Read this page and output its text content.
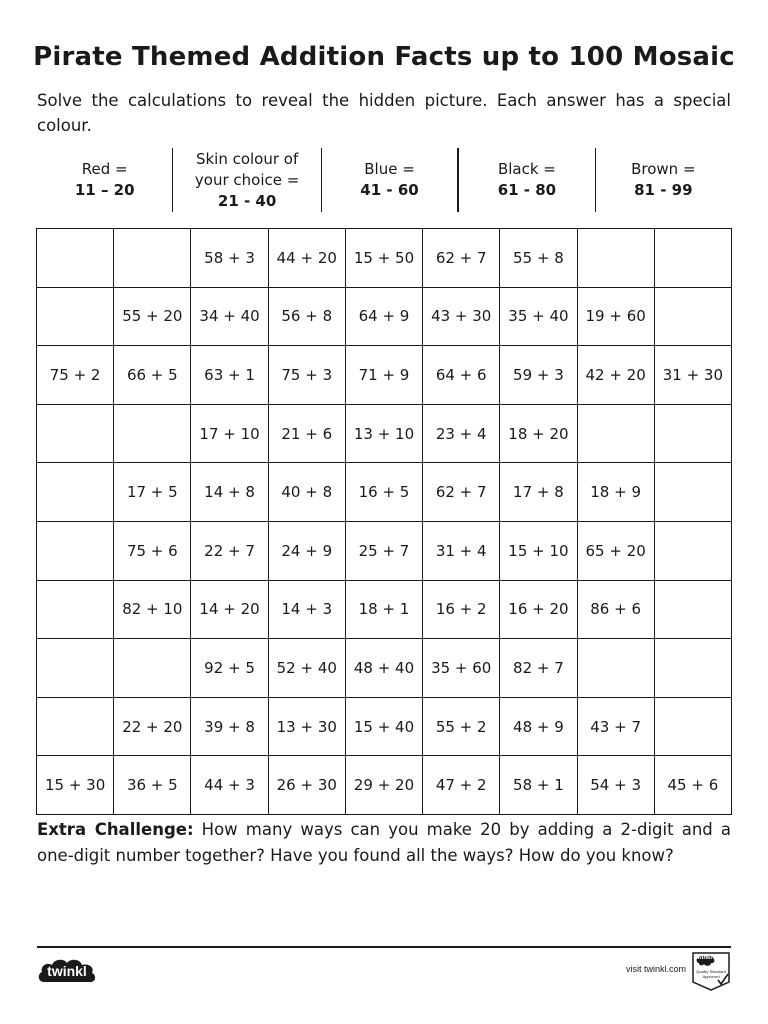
Pirate Themed Addition Facts up to 100 Mosaic
Solve the calculations to reveal the hidden picture. Each answer has a special colour.
Red =
11 – 20
Skin colour of your choice =
21 - 40
Blue =
41 - 60
Black =
61 - 80
Brown =
81 - 99
		58 + 3	44 + 20	15 + 50	62 + 7	55 + 8		
	55 + 20	34 + 40	56 + 8	64 + 9	43 + 30	35 + 40	19 + 60	
75 + 2	66 + 5	63 + 1	75 + 3	71 + 9	64 + 6	59 + 3	42 + 20	31 + 30
		17 + 10	21 + 6	13 + 10	23 + 4	18 + 20		
	17 + 5	14 + 8	40 + 8	16 + 5	62 + 7	17 + 8	18 + 9	
	75 + 6	22 + 7	24 + 9	25 + 7	31 + 4	15 + 10	65 + 20	
	82 + 10	14 + 20	14 + 3	18 + 1	16 + 2	16 + 20	86 + 6	
		92 + 5	52 + 40	48 + 40	35 + 60	82 + 7		
	22 + 20	39 + 8	13 + 30	15 + 40	55 + 2	48 + 9	43 + 7	
15 + 30	36 + 5	44 + 3	26 + 30	29 + 20	47 + 2	58 + 1	54 + 3	45 + 6
Extra Challenge: How many ways can you make 20 by adding a 2-digit and a one-digit number together? Have you found all the ways? How do you know?
twinkl	visit twinkl.com
twinkl
Quality Standard Approved
